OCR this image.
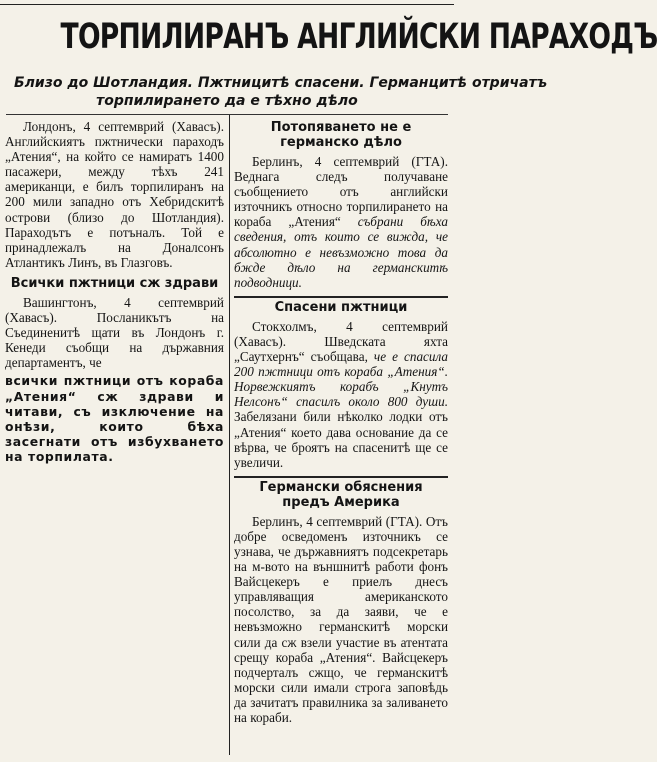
ТОРПИЛИРАНЪ АНГЛИЙСКИ ПАРАХОДЪ
Близо до Шотландия. Пжтницитѣ спасени. Германцитѣ отричатъ
торпилирането да е тѣхно дѣло

Лондонъ, 4 септемврий (Хавасъ). Английскиятъ пжтнически параходъ „Атения“, на който се намиратъ 1400 пасажери, между тѣхъ 241 американци, е билъ торпилиранъ на 200 мили западно отъ Хебридскитѣ острови (близо до Шотландия). Параходътъ е потъналъ. Той е принадлежалъ на Донaлсонъ Атлантикъ Линъ, въ Глазговъ.

Всички пжтници сж здрави

Вашингтонъ, 4 септемврий (Хавасъ). Посланикътъ на Съединенитѣ щати въ Лондонъ г. Кенеди съобщи на държавния департаментъ, че

всички пжтници отъ кораба „Атения“ сж здрави и читави, съ изключение на онѣзи, които бѣха засегнати отъ избухването на торпилата.

Потопяването не е германско дѣло

Берлинъ, 4 септемврий (ГТА). Веднага следъ получаване съобщението отъ английски източникъ относно торпилирането на кораба „Атения“ събрани бѣха сведения, отъ които се вижда, че абсолютно е невъзможно това да бжде дѣло на германскитѣ подводници.

Спасени пжтници

Стокхолмъ, 4 септемврий (Хавасъ). Шведската яхта „Саутхернъ“ съобщава, че е спасила 200 пжтници отъ кораба „Атения“. Норвежкиятъ корабъ „Кнутъ Нелсонъ“ спасилъ около 800 души. Забелязани били нѣколко лодки отъ „Атения“ което дава основание да се вѣрва, че броятъ на спасенитѣ ще се увеличи.

Германски обяснения предъ Америка

Берлинъ, 4 септемврий (ГТА). Отъ добре осведоменъ източникъ се узнава, че държавниятъ подсекретарь на м-вото на външнитѣ работи фонъ Вайсцекеръ е приелъ днесъ управляващия американското посолство, за да заяви, че е невъзможно германскитѣ морски сили да сж взели участие въ атентата срещу кораба „Атения“. Вайсцекеръ подчерталъ сжщо, че германскитѣ морски сили имали строга заповѣдь да зачитатъ правилника за заливането на кораби.
